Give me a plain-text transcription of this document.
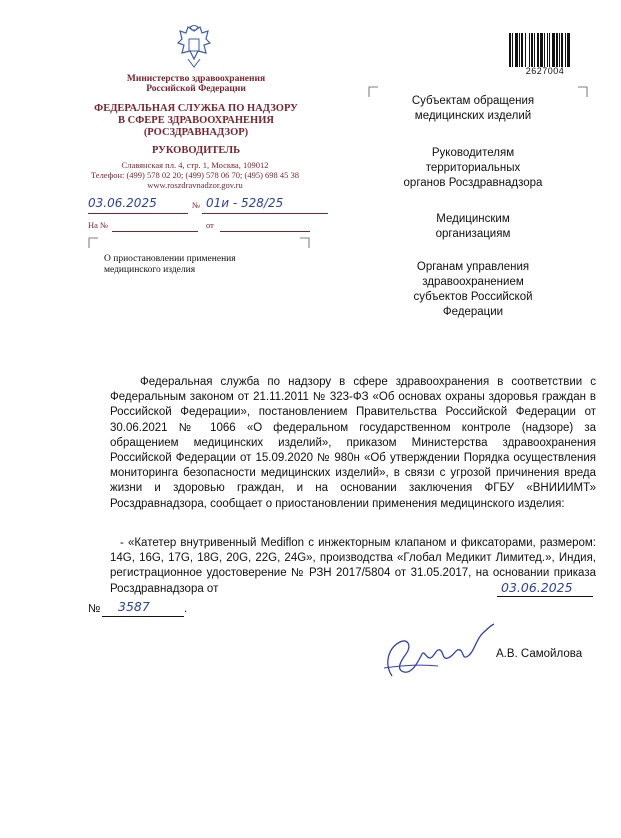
2627004
Министерство здравоохранения
Российской Федерации
ФЕДЕРАЛЬНАЯ СЛУЖБА ПО НАДЗОРУ
В СФЕРЕ ЗДРАВООХРАНЕНИЯ
(РОСЗДРАВНАДЗОР)
РУКОВОДИТЕЛЬ
Славянская пл. 4, стр. 1, Москва, 109012
Телефон: (499) 578 02 20; (499) 578 06 70; (495) 698 45 38
www.roszdravnadzor.gov.ru
03.06.2025	№ 01и - 528/25
На №	от
О приостановлении применения
медицинского изделия
Субъектам обращения
медицинских изделий
Руководителям
территориальных
органов Росздравнадзора
Медицинским
организациям
Органам управления
здравоохранением
субъектов Российской
Федерации
Федеральная служба по надзору в сфере здравоохранения в соответствии с Федеральным законом от 21.11.2011 № 323-ФЗ «Об основах охраны здоровья граждан в Российской Федерации», постановлением Правительства Российской Федерации от 30.06.2021 № 1066 «О федеральном государственном контроле (надзоре) за обращением медицинских изделий», приказом Министерства здравоохранения Российской Федерации от 15.09.2020 № 980н «Об утверждении Порядка осуществления мониторинга безопасности медицинских изделий», в связи с угрозой причинения вреда жизни и здоровью граждан, и на основании заключения ФГБУ «ВНИИИМТ» Росздравнадзора, сообщает о приостановлении применения медицинского изделия:
- «Катетер внутривенный Mediflon с инжекторным клапаном и фиксаторами, размером: 14G, 16G, 17G, 18G, 20G, 22G, 24G», производства «Глобал Медикит Лимитед.», Индия, регистрационное удостоверение № РЗН 2017/5804 от 31.05.2017, на основании приказа Росздравнадзора от	03.06.2025
№ 3587	.
А.В. Самойлова
